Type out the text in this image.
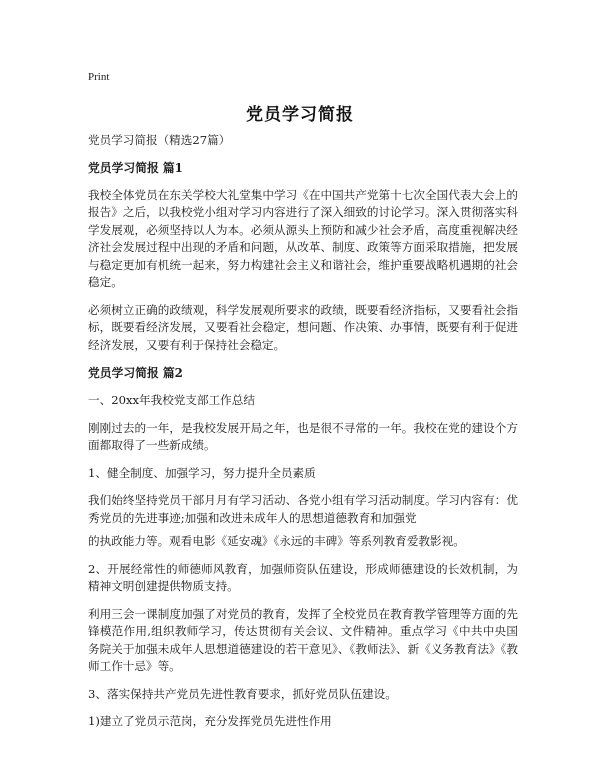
Print
党员学习简报

党员学习简报（精选27篇）

党员学习简报 篇1

我校全体党员在东关学校大礼堂集中学习《在中国共产党第十七次全国代表大会上的报告》之后，以我校党小组对学习内容进行了深入细致的讨论学习。深入贯彻落实科学发展观，必须坚持以人为本。必须从源头上预防和减少社会矛盾，高度重视解决经济社会发展过程中出现的矛盾和问题，从改革、制度、政策等方面采取措施，把发展与稳定更加有机统一起来，努力构建社会主义和谐社会，维护重要战略机遇期的社会稳定。

必须树立正确的政绩观，科学发展观所要求的政绩，既要看经济指标，又要看社会指标，既要看经济发展，又要看社会稳定，想问题、作决策、办事情，既要有利于促进经济发展，又要有利于保持社会稳定。

党员学习简报 篇2

一、20xx年我校党支部工作总结

刚刚过去的一年，是我校发展开局之年，也是很不寻常的一年。我校在党的建设个方面都取得了一些新成绩。

1、健全制度、加强学习，努力提升全员素质

我们始终坚持党员干部月月有学习活动、各党小组有学习活动制度。学习内容有：优秀党员的先进事迹;加强和改进未成年人的思想道德教育和加强党

的执政能力等。观看电影《延安魂》《永远的丰碑》等系列教育爱教影视。

2、开展经常性的师德师风教育，加强师资队伍建设，形成师德建设的长效机制，为精神文明创建提供物质支持。

利用三会一课制度加强了对党员的教育，发挥了全校党员在教育教学管理等方面的先锋模范作用,组织教师学习，传达贯彻有关会议、文件精神。重点学习《中共中央国务院关于加强未成年人思想道德建设的若干意见》、《教师法》、新《义务教育法》《教师工作十忌》等。

3、落实保持共产党员先进性教育要求，抓好党员队伍建设。

1)建立了党员示范岗，充分发挥党员先进性作用
